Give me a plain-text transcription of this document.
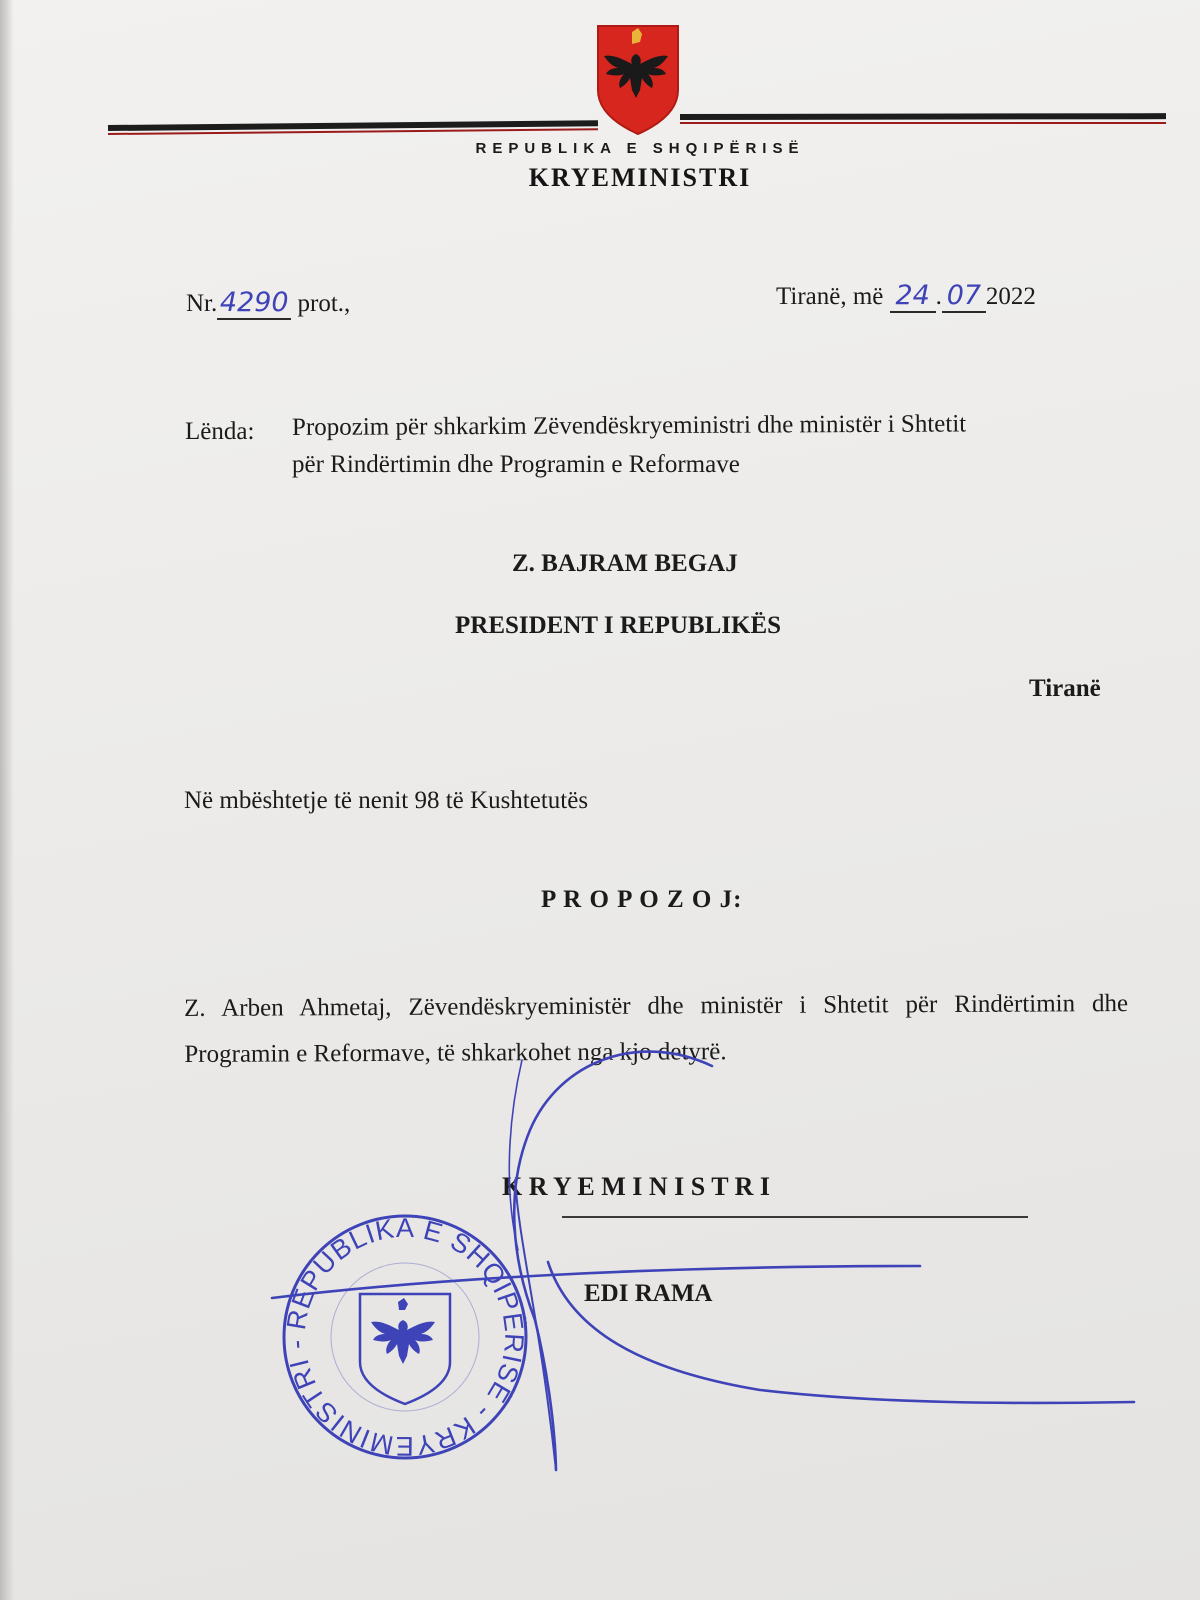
REPUBLIKA E SHQIPËRISË
KRYEMINISTRI
Nr.4290 prot.,	Tiranë, më 24 . 07 2022
Lënda: Propozim për shkarkim Zëvendëskryeministri dhe ministër i Shtetit
për Rindërtimin dhe Programin e Reformave
Z. BAJRAM BEGAJ
PRESIDENT I REPUBLIKËS
Tiranë
Në mbështetje të nenit 98 të Kushtetutës
P R O P O Z O J:
Z. Arben Ahmetaj, Zëvendëskryeministër dhe ministër i Shtetit për Rindërtimin dhe Programin e Reformave, të shkarkohet nga kjo detyrë.
K R Y E M I N I S T R I
EDI RAMA
REPUBLIKA E SHQIPËRISË - KRYEMINISTRI -
